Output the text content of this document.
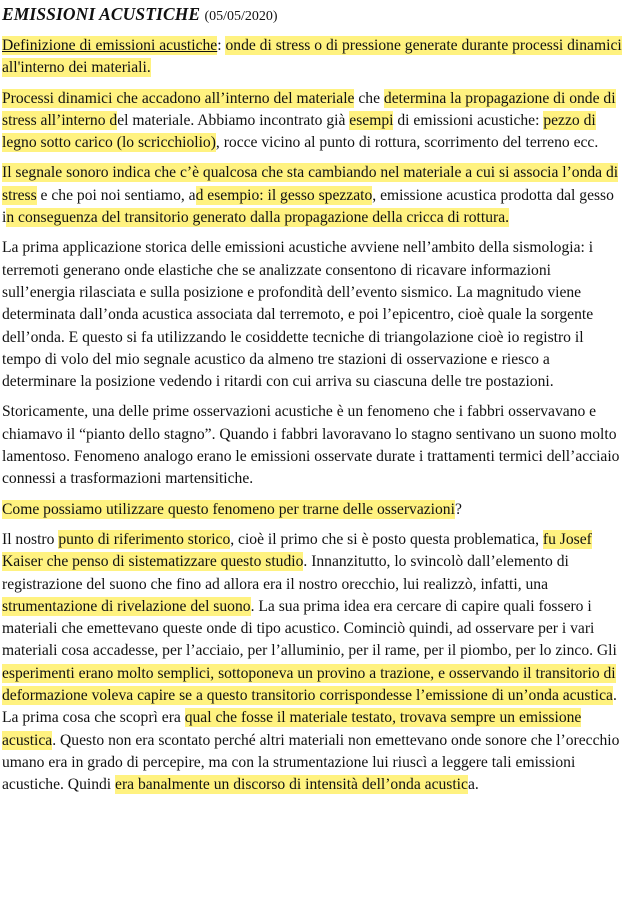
EMISSIONI ACUSTICHE (05/05/2020)

Definizione di emissioni acustiche: onde di stress o di pressione generate durante processi dinamici all'interno dei materiali.

Processi dinamici che accadono all’interno del materiale che determina la propagazione di onde di stress all’interno del materiale. Abbiamo incontrato già esempi di emissioni acustiche: pezzo di legno sotto carico (lo scricchiolio), rocce vicino al punto di rottura, scorrimento del terreno ecc.

Il segnale sonoro indica che c’è qualcosa che sta cambiando nel materiale a cui si associa l’onda di stress e che poi noi sentiamo, ad esempio: il gesso spezzato, emissione acustica prodotta dal gesso in conseguenza del transitorio generato dalla propagazione della cricca di rottura.

La prima applicazione storica delle emissioni acustiche avviene nell’ambito della sismologia: i terremoti generano onde elastiche che se analizzate consentono di ricavare informazioni sull’energia rilasciata e sulla posizione e profondità dell’evento sismico. La magnitudo viene determinata dall’onda acustica associata dal terremoto, e poi l’epicentro, cioè quale la sorgente dell’onda. E questo si fa utilizzando le cosiddette tecniche di triangolazione cioè io registro il tempo di volo del mio segnale acustico da almeno tre stazioni di osservazione e riesco a determinare la posizione vedendo i ritardi con cui arriva su ciascuna delle tre postazioni.

Storicamente, una delle prime osservazioni acustiche è un fenomeno che i fabbri osservavano e chiamavo il “pianto dello stagno”. Quando i fabbri lavoravano lo stagno sentivano un suono molto lamentoso. Fenomeno analogo erano le emissioni osservate durate i trattamenti termici dell’acciaio connessi a trasformazioni martensitiche.

Come possiamo utilizzare questo fenomeno per trarne delle osservazioni?

Il nostro punto di riferimento storico, cioè il primo che si è posto questa problematica, fu Josef Kaiser che penso di sistematizzare questo studio. Innanzitutto, lo svincolò dall’elemento di registrazione del suono che fino ad allora era il nostro orecchio, lui realizzò, infatti, una strumentazione di rivelazione del suono. La sua prima idea era cercare di capire quali fossero i materiali che emettevano queste onde di tipo acustico. Cominciò quindi, ad osservare per i vari materiali cosa accadesse, per l’acciaio, per l’alluminio, per il rame, per il piombo, per lo zinco. Gli esperimenti erano molto semplici, sottoponeva un provino a trazione, e osservando il transitorio di deformazione voleva capire se a questo transitorio corrispondesse l’emissione di un’onda acustica. La prima cosa che scoprì era qual che fosse il materiale testato, trovava sempre un emissione acustica. Questo non era scontato perché altri materiali non emettevano onde sonore che l’orecchio umano era in grado di percepire, ma con la strumentazione lui riuscì a leggere tali emissioni acustiche. Quindi era banalmente un discorso di intensità dell’onda acustica.
